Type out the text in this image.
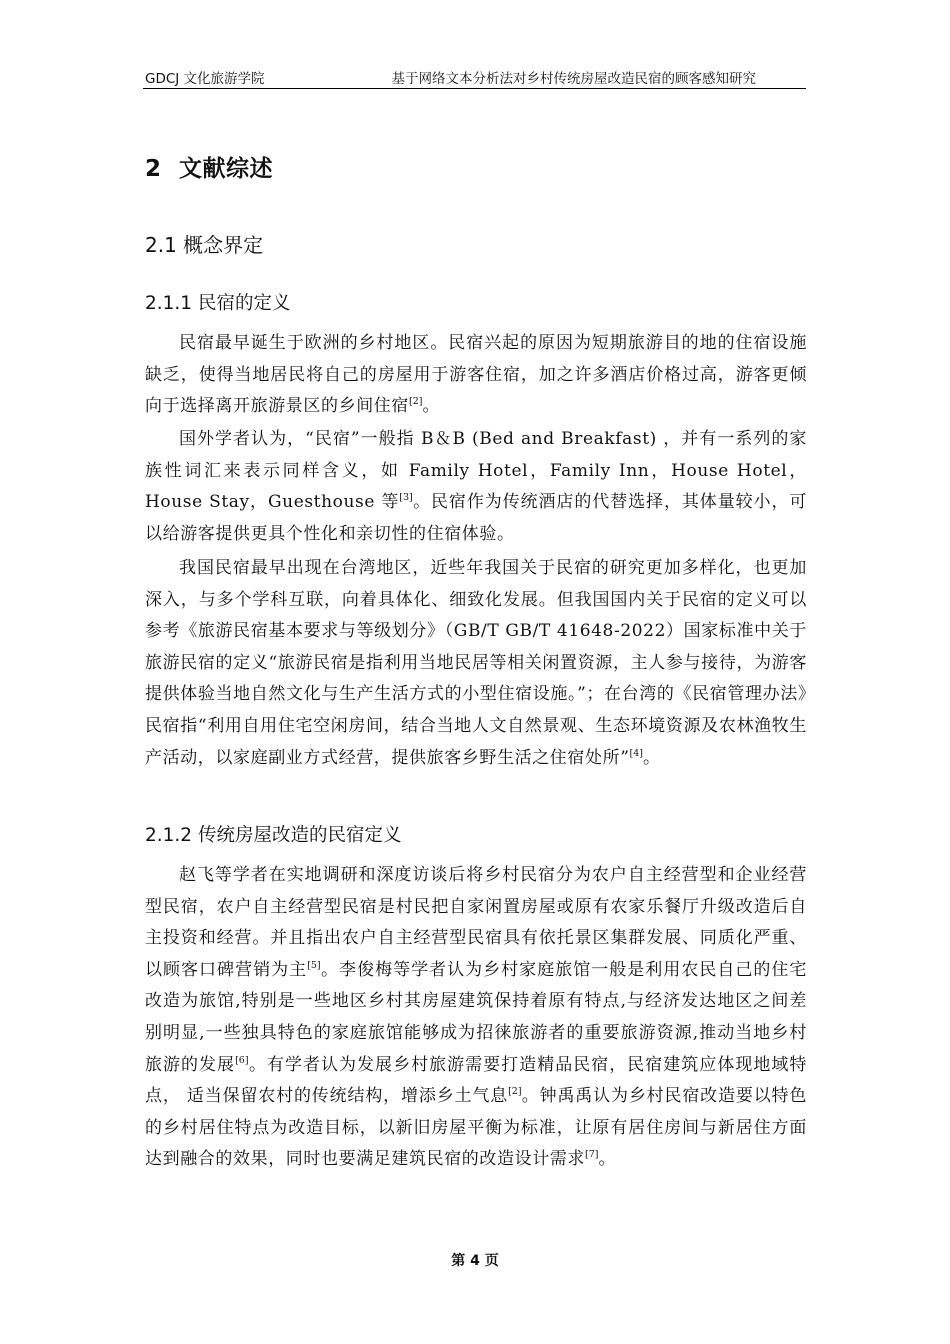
GDCJ 文化旅游学院	基于网络文本分析法对乡村传统房屋改造民宿的顾客感知研究
2 文献综述
2.1 概念界定
2.1.1 民宿的定义

民宿最早诞生于欧洲的乡村地区。民宿兴起的原因为短期旅游目的地的住宿设施缺乏，使得当地居民将自己的房屋用于游客住宿，加之许多酒店价格过高，游客更倾向于选择离开旅游景区的乡间住宿[2]。

国外学者认为，“民宿”一般指 B＆B (Bed and Breakfast) ，并有一系列的家族性词汇来表示同样含义，如 Family Hotel，Family Inn，House Hotel，House Stay，Guesthouse 等[3]。民宿作为传统酒店的代替选择，其体量较小，可以给游客提供更具个性化和亲切性的住宿体验。

我国民宿最早出现在台湾地区，近些年我国关于民宿的研究更加多样化，也更加深入，与多个学科互联，向着具体化、细致化发展。但我国国内关于民宿的定义可以参考《旅游民宿基本要求与等级划分》（GB/T GB/T 41648-2022）国家标准中关于旅游民宿的定义“旅游民宿是指利用当地民居等相关闲置资源，主人参与接待，为游客提供体验当地自然文化与生产生活方式的小型住宿设施。”；在台湾的《民宿管理办法》民宿指“利用自用住宅空闲房间，结合当地人文自然景观、生态环境资源及农林渔牧生产活动，以家庭副业方式经营，提供旅客乡野生活之住宿处所”[4]。

2.1.2 传统房屋改造的民宿定义

赵飞等学者在实地调研和深度访谈后将乡村民宿分为农户自主经营型和企业经营型民宿，农户自主经营型民宿是村民把自家闲置房屋或原有农家乐餐厅升级改造后自主投资和经营。并且指出农户自主经营型民宿具有依托景区集群发展、同质化严重、以顾客口碑营销为主[5]。李俊梅等学者认为乡村家庭旅馆一般是利用农民自己的住宅改造为旅馆,特别是一些地区乡村其房屋建筑保持着原有特点,与经济发达地区之间差别明显,一些独具特色的家庭旅馆能够成为招徕旅游者的重要旅游资源,推动当地乡村旅游的发展[6]。有学者认为发展乡村旅游需要打造精品民宿，民宿建筑应体现地域特点， 适当保留农村的传统结构，增添乡土气息[2]。钟禹禹认为乡村民宿改造要以特色的乡村居住特点为改造目标，以新旧房屋平衡为标准，让原有居住房间与新居住方面达到融合的效果，同时也要满足建筑民宿的改造设计需求[7]。

第 4 页
